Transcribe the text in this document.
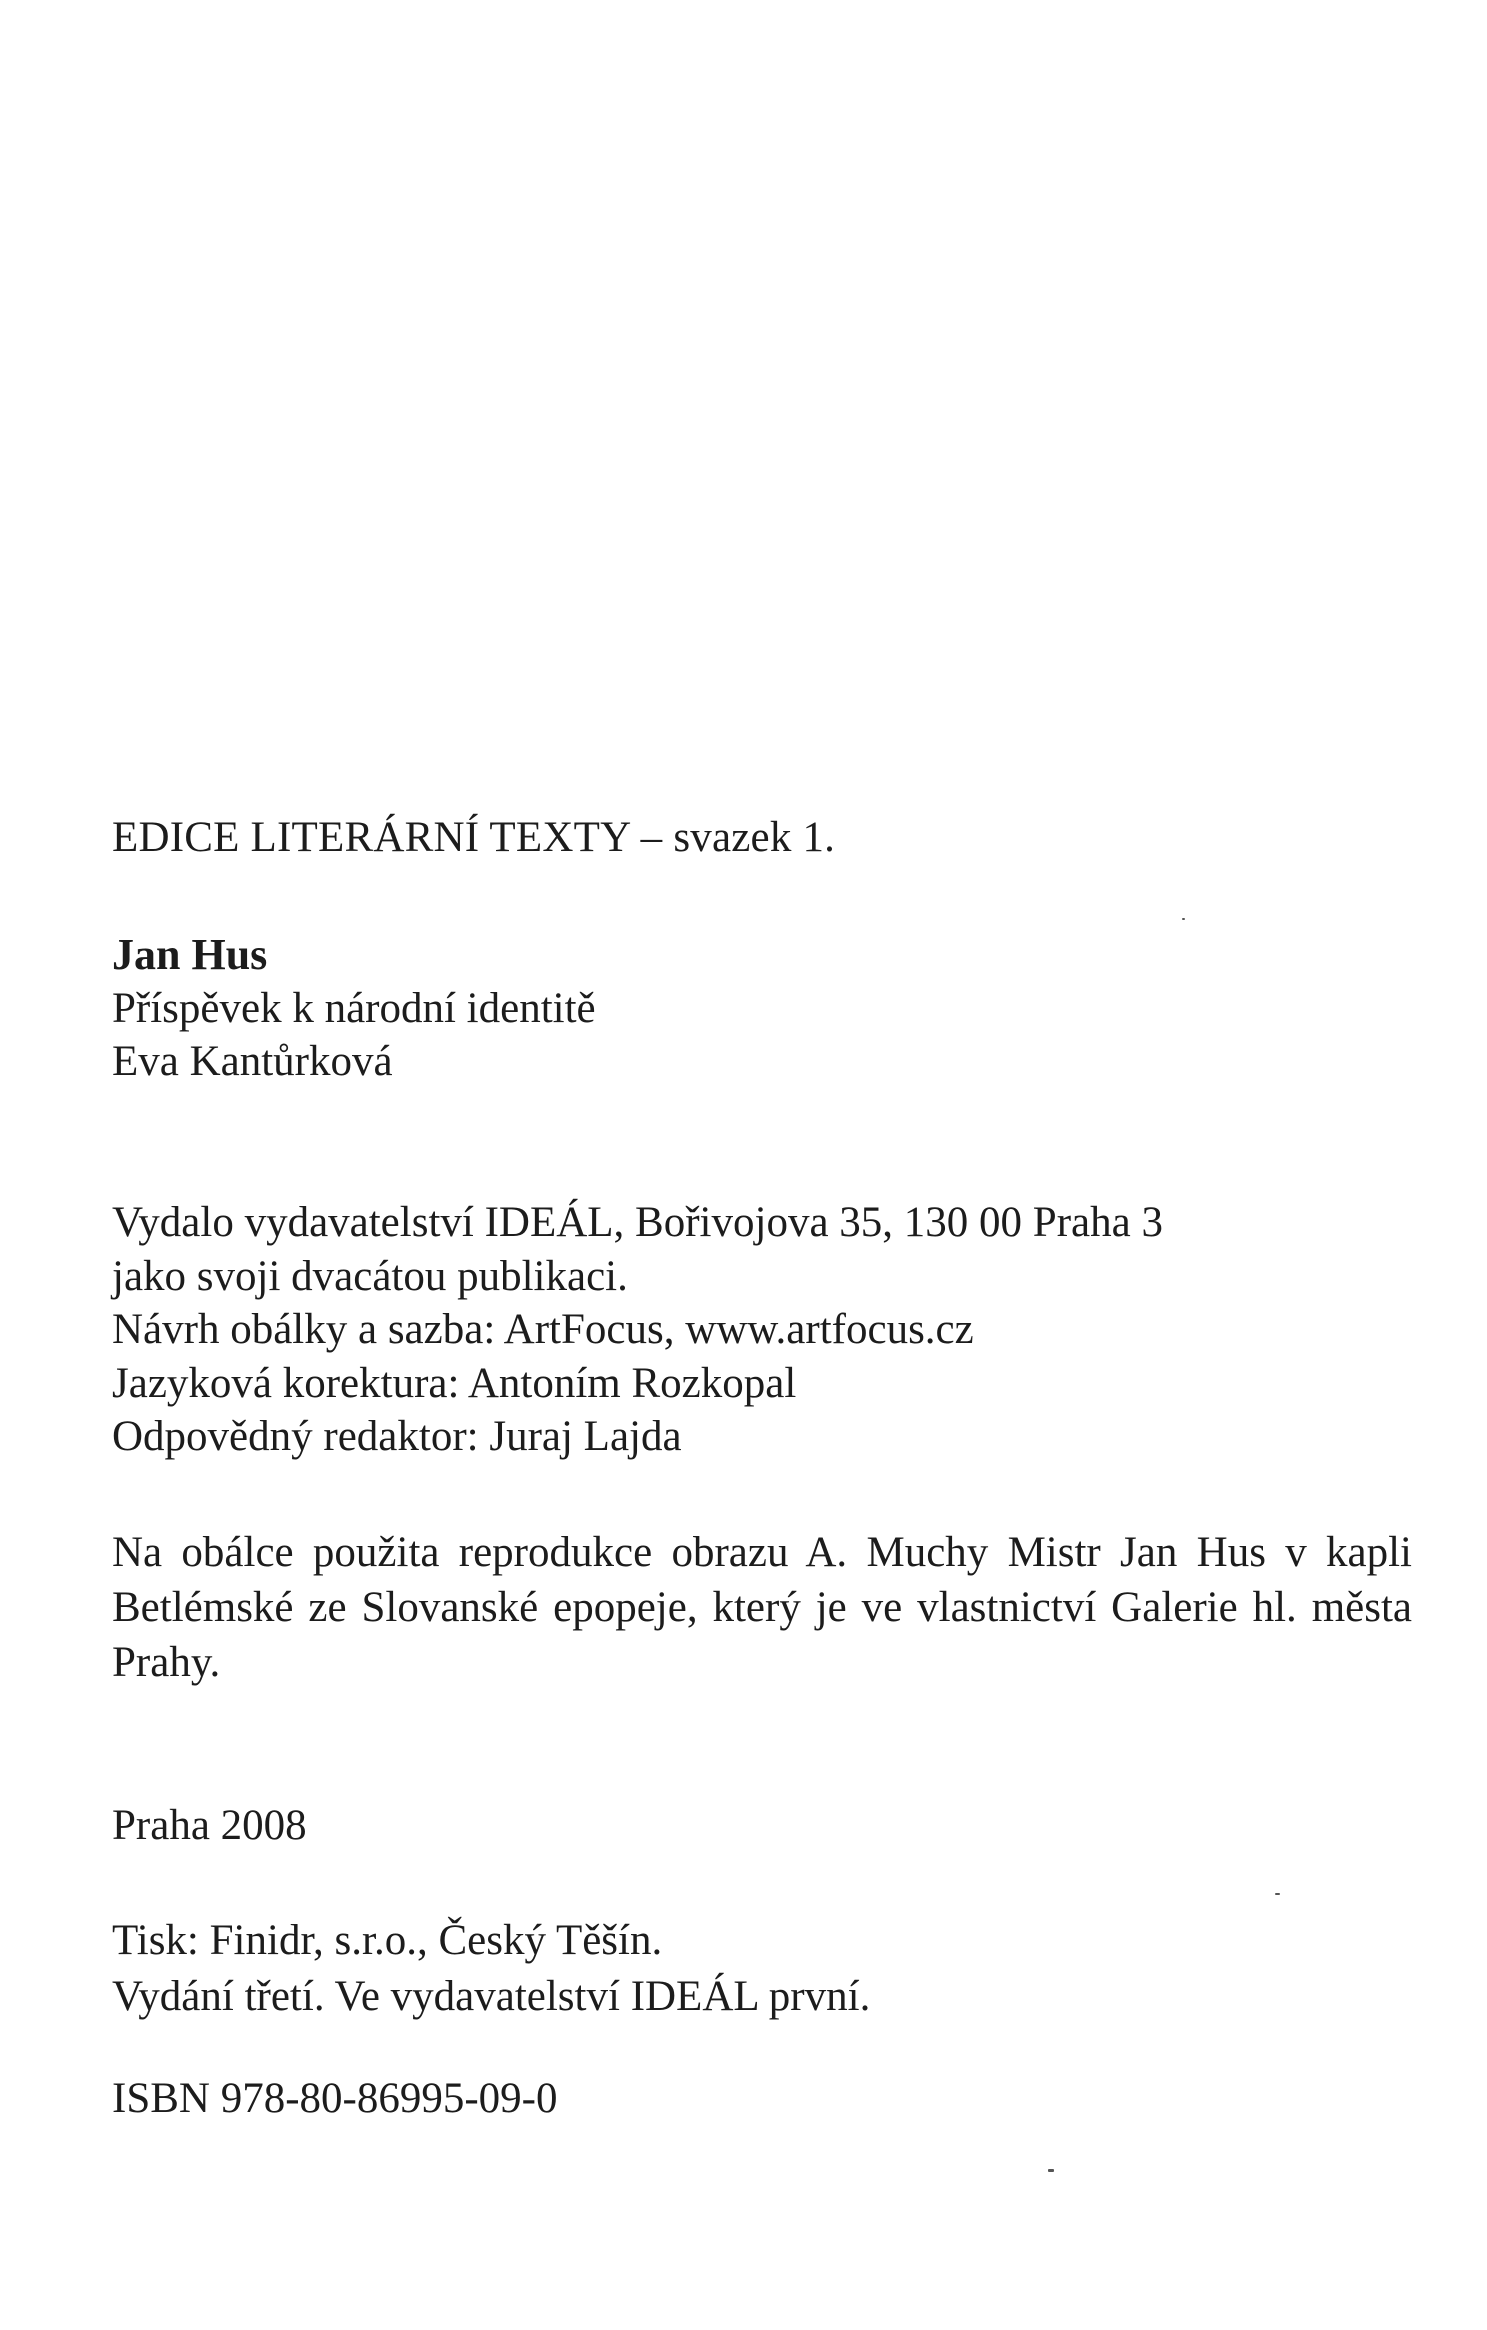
EDICE LITERÁRNÍ TEXTY – svazek 1.
Jan Hus
Příspěvek k národní identitě
Eva Kantůrková
Vydalo vydavatelství IDEÁL, Bořivojova 35, 130 00 Praha 3
jako svoji dvacátou publikaci.
Návrh obálky a sazba: ArtFocus, www.artfocus.cz
Jazyková korektura: Antoním Rozkopal
Odpovědný redaktor: Juraj Lajda
Na obálce použita reprodukce obrazu A. Muchy Mistr Jan Hus v kapli Betlémské ze Slovanské epopeje, který je ve vlastnictví Galerie hl. města Prahy.
Praha 2008
Tisk: Finidr, s.r.o., Český Těšín.
Vydání třetí. Ve vydavatelství IDEÁL první.
ISBN 978-80-86995-09-0
